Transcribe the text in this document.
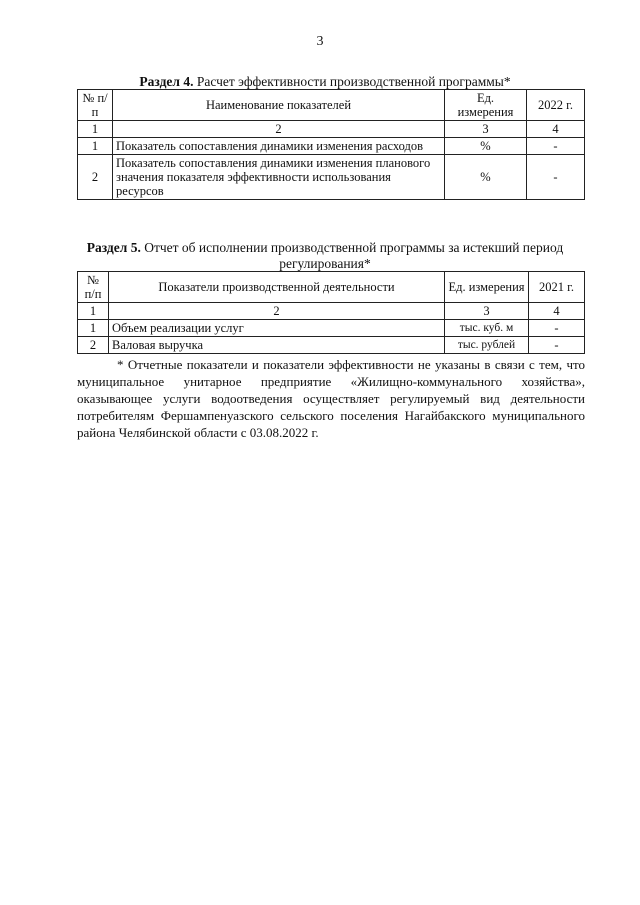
3
Раздел 4. Расчет эффективности производственной программы*
№ п/п	Наименование показателей	Ед. измерения	2022 г.
1	2	3	4
1	Показатель сопоставления динамики изменения расходов	%	-
2	Показатель сопоставления динамики изменения планового значения показателя эффективности использования ресурсов	%	-
Раздел 5. Отчет об исполнении производственной программы за истекший период регулирования*
№ п/п	Показатели производственной деятельности	Ед. измерения	2021 г.
1	2	3	4
1	Объем реализации услуг	тыс. куб. м	-
2	Валовая выручка	тыс. рублей	-

* Отчетные показатели и показатели эффективности не указаны в связи с тем, что муниципальное унитарное предприятие «Жилищно-коммунального хозяйства», оказывающее услуги водоотведения осуществляет регулируемый вид деятельности потребителям Фершампенуазского сельского поселения Нагайбакского муниципального района Челябинской области с 03.08.2022 г.
